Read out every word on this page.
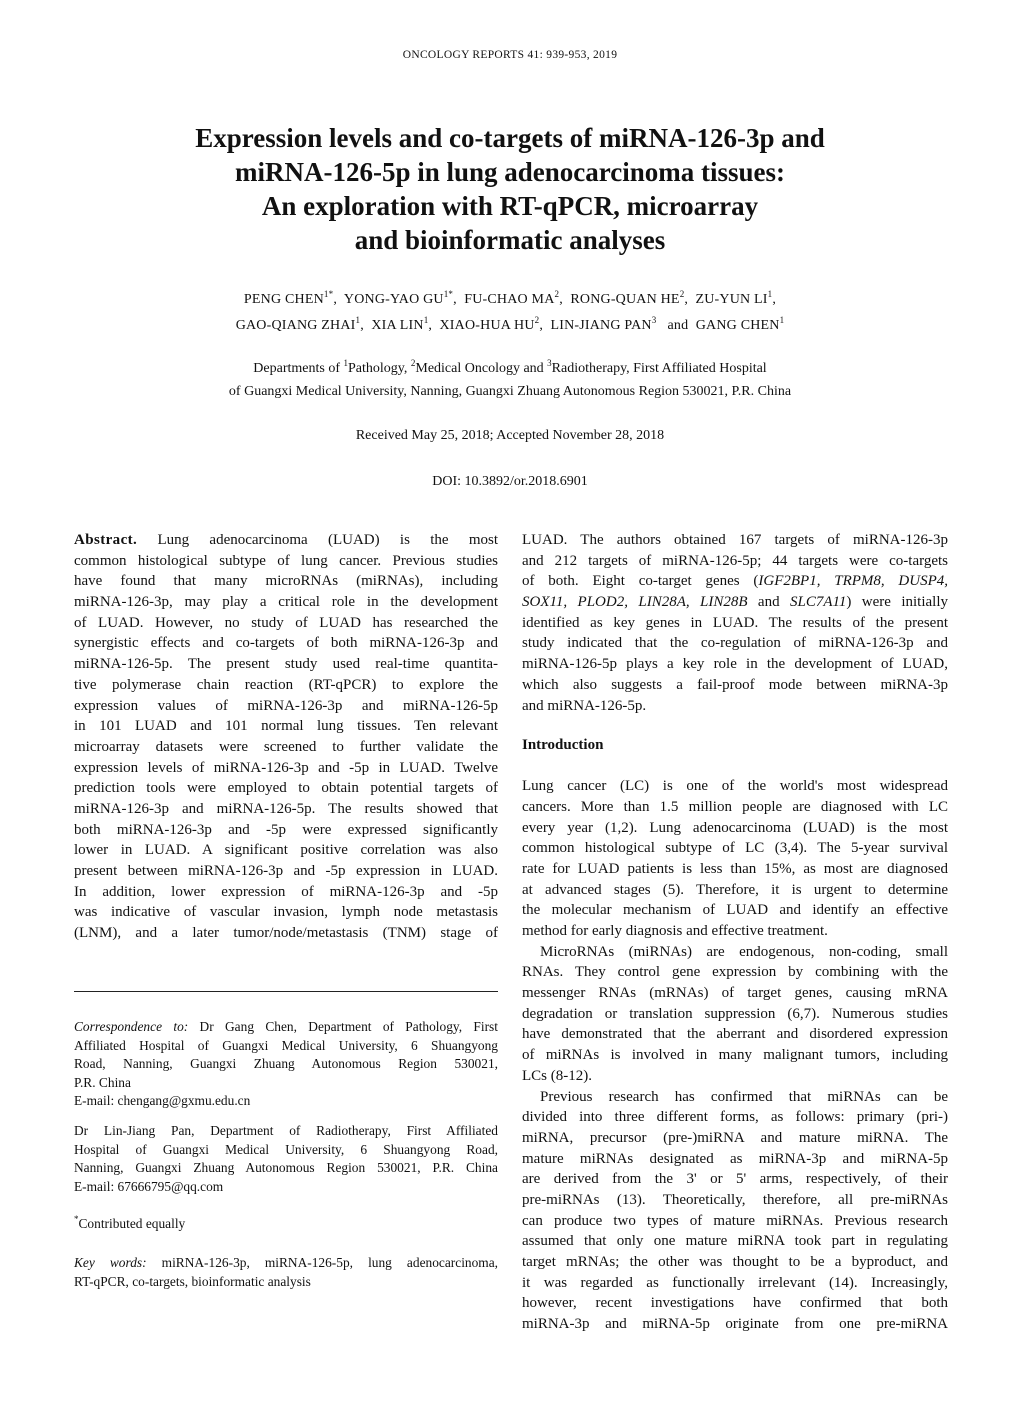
ONCOLOGY REPORTS 41: 939-953, 2019
Expression levels and co-targets of miRNA-126-3p and
miRNA-126-5p in lung adenocarcinoma tissues:
An exploration with RT-qPCR, microarray
and bioinformatic analyses
PENG $CHEN^{1*}$,  YONG-YAO $GU^{1*}$,  FU-CHAO $MA^2$,  RONG-QUAN $HE^2$,  ZU-YUN $LI^1$,
GAO-QIANG ZHAI$^1$,  XIA LIN$^1$,  XIAO-HUA $HU^2$,  LIN-JIANG PAN$^3$ and GANG CHEN$^1$
Departments of $^1$Pathology, $^2$Medical Oncology and $^3$Radiotherapy, First Affiliated Hospital
of Guangxi Medical University, Nanning, Guangxi Zhuang Autonomous Region 530021, P.R. China
Received May 25, 2018; Accepted November 28, 2018
DOI: 10.3892/or.2018.6901
Abstract. Lung adenocarcinoma (LUAD) is the most
common histological subtype of lung cancer. Previous studies
have found that many microRNAs (miRNAs), including
miRNA-126-3p, may play a critical role in the development
of LUAD. However, no study of LUAD has researched the
synergistic effects and co-targets of both miRNA-126-3p and
miRNA-126-5p. The present study used real-time quantita-
tive polymerase chain reaction (RT-qPCR) to explore the
expression values of miRNA-126-3p and miRNA-126-5p
in 101 LUAD and 101 normal lung tissues. Ten relevant
microarray datasets were screened to further validate the
expression levels of miRNA-126-3p and -5p in LUAD. Twelve
prediction tools were employed to obtain potential targets of
miRNA-126-3p and miRNA-126-5p. The results showed that
both miRNA-126-3p and -5p were expressed significantly
lower in LUAD. A significant positive correlation was also
present between miRNA-126-3p and -5p expression in LUAD.
In addition, lower expression of miRNA-126-3p and -5p
was indicative of vascular invasion, lymph node metastasis
(LNM), and a later tumor/node/metastasis (TNM) stage of
Correspondence to: Dr Gang Chen, Department of Pathology, First
Affiliated Hospital of Guangxi Medical University, 6 Shuangyong
Road, Nanning, Guangxi Zhuang Autonomous Region 530021,
P.R. China
E-mail: chengang@gxmu.edu.cn
Dr Lin-Jiang Pan, Department of Radiotherapy, First Affiliated
Hospital of Guangxi Medical University, 6 Shuangyong Road,
Nanning, Guangxi Zhuang Autonomous Region 530021, P.R. China
E-mail: 67666795@qq.com
*Contributed equally
Key words: miRNA-126-3p, miRNA-126-5p, lung adenocarcinoma,
RT-qPCR, co-targets, bioinformatic analysis
LUAD. The authors obtained 167 targets of miRNA-126-3p
and 212 targets of miRNA-126-5p; 44 targets were co-targets
of both. Eight co-target genes (IGF2BP1, TRPM8, DUSP4,
SOX11, PLOD2, LIN28A, LIN28B and SLC7A11) were initially
identified as key genes in LUAD. The results of the present
study indicated that the co-regulation of miRNA-126-3p and
miRNA-126-5p plays a key role in the development of LUAD,
which also suggests a fail-proof mode between miRNA-3p
and miRNA-126-5p.
Introduction
Lung cancer (LC) is one of the world's most widespread
cancers. More than 1.5 million people are diagnosed with LC
every year (1,2). Lung adenocarcinoma (LUAD) is the most
common histological subtype of LC (3,4). The 5-year survival
rate for LUAD patients is less than 15%, as most are diagnosed
at advanced stages (5). Therefore, it is urgent to determine
the molecular mechanism of LUAD and identify an effective
method for early diagnosis and effective treatment.
MicroRNAs (miRNAs) are endogenous, non-coding, small
RNAs. They control gene expression by combining with the
messenger RNAs (mRNAs) of target genes, causing mRNA
degradation or translation suppression (6,7). Numerous studies
have demonstrated that the aberrant and disordered expression
of miRNAs is involved in many malignant tumors, including
LCs (8-12).
Previous research has confirmed that miRNAs can be
divided into three different forms, as follows: primary (pri-)
miRNA, precursor (pre-)miRNA and mature miRNA. The
mature miRNAs designated as miRNA-3p and miRNA-5p
are derived from the 3' or 5' arms, respectively, of their
pre-miRNAs (13). Theoretically, therefore, all pre-miRNAs
can produce two types of mature miRNAs. Previous research
assumed that only one mature miRNA took part in regulating
target mRNAs; the other was thought to be a byproduct, and
it was regarded as functionally irrelevant (14). Increasingly,
however, recent investigations have confirmed that both
miRNA-3p and miRNA-5p originate from one pre-miRNA
